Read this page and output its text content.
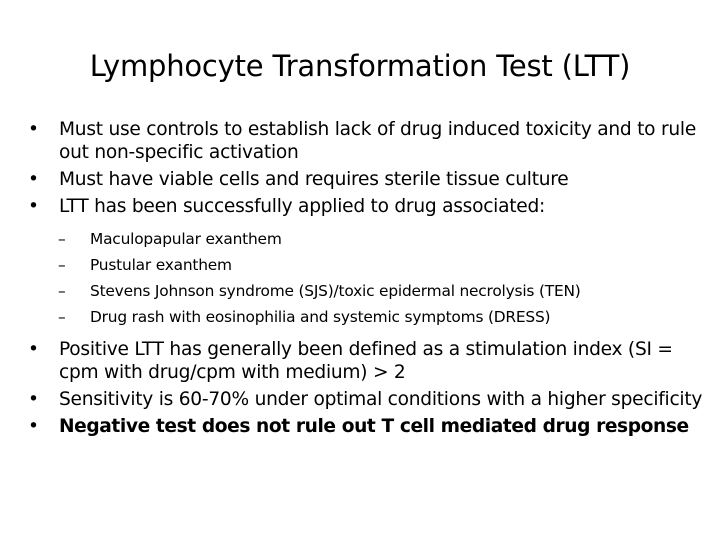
Lymphocyte Transformation Test (LTT)
•	Must use controls to establish lack of drug induced toxicity and to rule out non-specific activation
•	Must have viable cells and requires sterile tissue culture
•	LTT has been successfully applied to drug associated:
– Maculopapular exanthem
– Pustular exanthem
– Stevens Johnson syndrome (SJS)/toxic epidermal necrolysis (TEN)
– Drug rash with eosinophilia and systemic symptoms (DRESS)
•	Positive LTT has generally been defined as a stimulation index (SI = cpm with drug/cpm with medium) > 2
•	Sensitivity is 60-70% under optimal conditions with a higher specificity
•	Negative test does not rule out T cell mediated drug response
